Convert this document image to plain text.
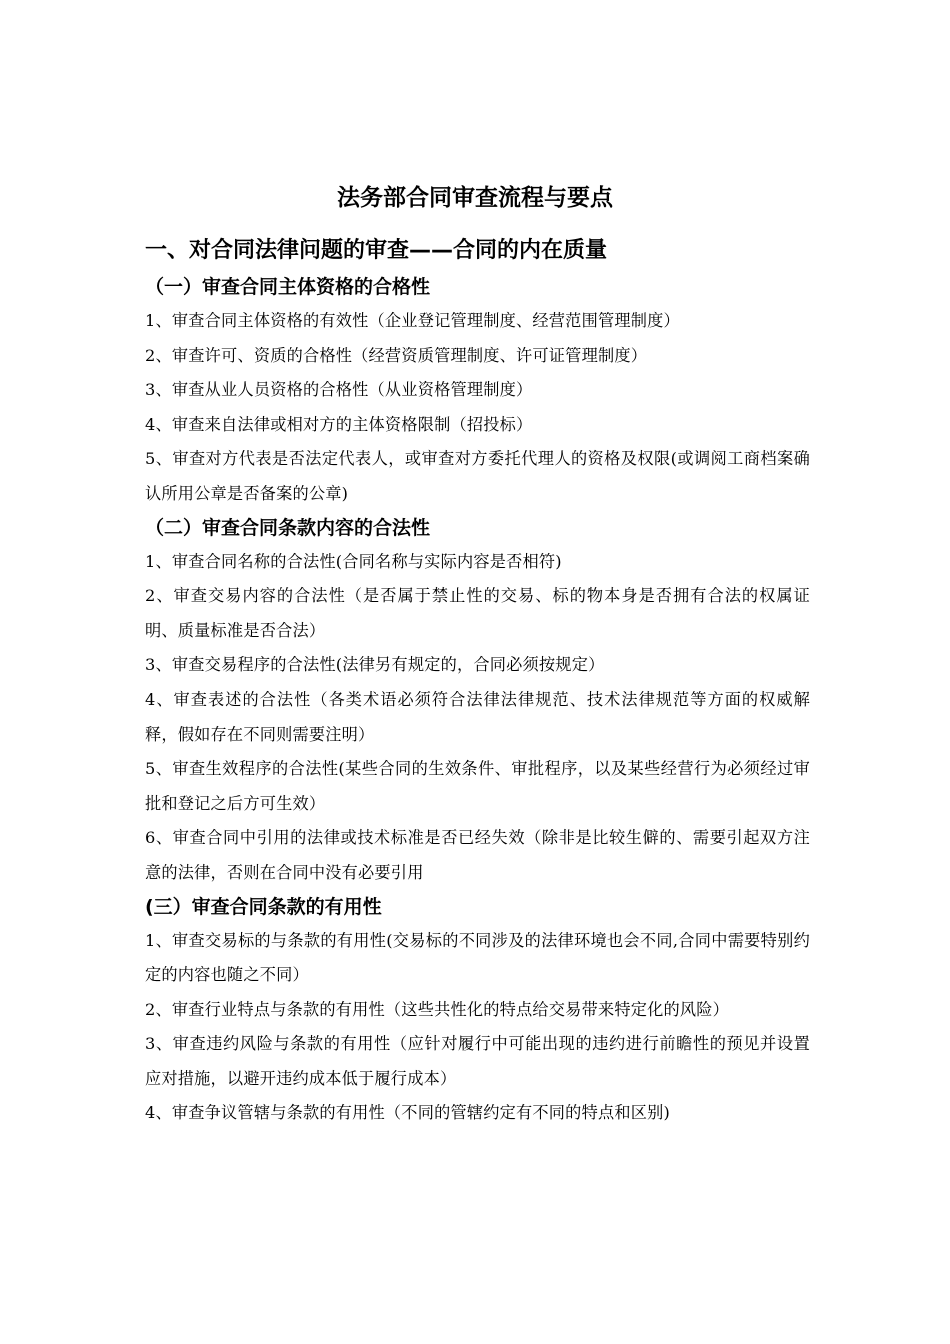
法务部合同审查流程与要点
一、对合同法律问题的审查——合同的内在质量
（一）审查合同主体资格的合格性

1、审查合同主体资格的有效性（企业登记管理制度、经营范围管理制度）

2、审查许可、资质的合格性（经营资质管理制度、许可证管理制度）

3、审查从业人员资格的合格性（从业资格管理制度）

4、审查来自法律或相对方的主体资格限制（招投标）

5、审查对方代表是否法定代表人，或审查对方委托代理人的资格及权限(或调阅工商档案确认所用公章是否备案的公章)

（二）审查合同条款内容的合法性

1、审查合同名称的合法性(合同名称与实际内容是否相符)

2、审查交易内容的合法性（是否属于禁止性的交易、标的物本身是否拥有合法的权属证明、质量标准是否合法）

3、审查交易程序的合法性(法律另有规定的，合同必须按规定）

4、审查表述的合法性（各类术语必须符合法律法律规范、技术法律规范等方面的权威解释，假如存在不同则需要注明）

5、审查生效程序的合法性(某些合同的生效条件、审批程序，以及某些经营行为必须经过审批和登记之后方可生效）

6、审查合同中引用的法律或技术标准是否已经失效（除非是比较生僻的、需要引起双方注意的法律，否则在合同中没有必要引用

(三）审查合同条款的有用性

1、审查交易标的与条款的有用性(交易标的不同涉及的法律环境也会不同,合同中需要特别约定的内容也随之不同）

2、审查行业特点与条款的有用性（这些共性化的特点给交易带来特定化的风险）

3、审查违约风险与条款的有用性（应针对履行中可能出现的违约进行前瞻性的预见并设置应对措施，以避开违约成本低于履行成本）

4、审查争议管辖与条款的有用性（不同的管辖约定有不同的特点和区别)
